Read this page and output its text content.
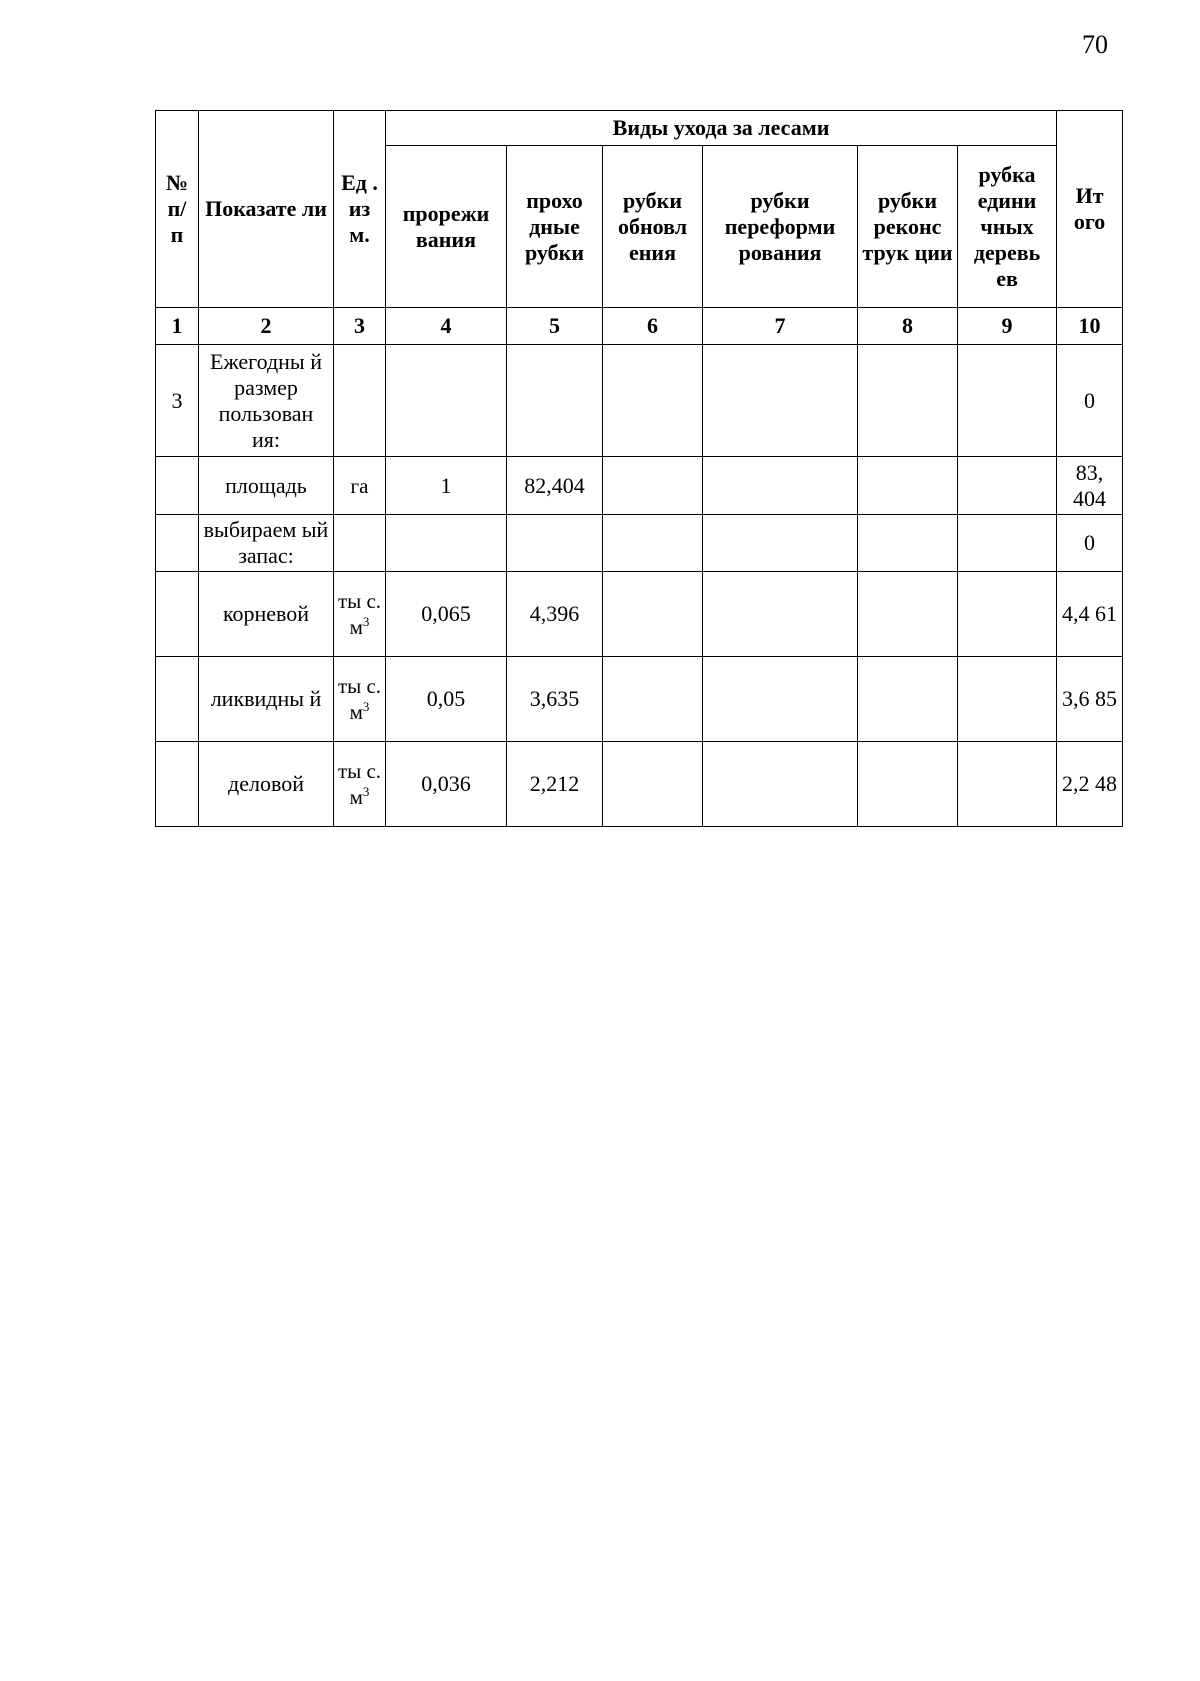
70
№ п/ п	Показате ли	Ед . из м.	Виды ухода за лесами						Ит ого
			прорежи вания	прохо дные рубки	рубки обновл ения	рубки переформи рования	рубки реконс трук ции	рубка едини чных деревь ев	
1	2	3	4	5	6	7	8	9	10
3	Ежегодны й размер пользован ия:								0
	площадь	га	1	82,404					83, 404
	выбираем ый запас:								0
	корневой	ты с. $м^3$	0,065	4,396					4,4 61
	ликвидны й	ты с. $м^3$	0,05	3,635					3,6 85
	деловой	ты с. $м^3$	0,036	2,212					2,2 48
